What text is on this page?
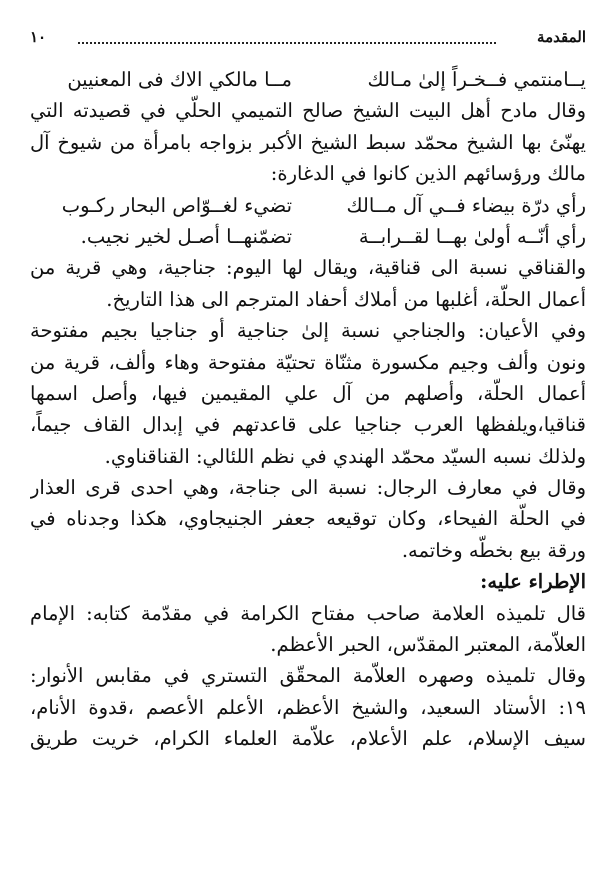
المقدمة
١٠
يــامنتمي فــخـراً إلىٰ مـالك
مــا مالكي الاك فى المعنيين
وقال مادح أهل البيت الشيخ صالح التميمي الحلّي في قصيدته التي
يهنّئ بها الشيخ محمّد سبط الشيخ الأكبر بزواجه بامرأة من شيوخ آل
مالك ورؤسائهم الذين كانوا في الدغارة:
رأي درّة بيضاء فــي آل مــالك
تضيء لغــوّاص البحار ركـوب
رأي أنّــه أولىٰ بهــا لقــرابــة
تضمّنهــا أصـل لخير نجيب.
والقناقي نسبة الى قناقية، ويقال لها اليوم: جناجية، وهي قرية من
أعمال الحلّة، أغلبها من أملاك أحفاد المترجم الى هذا التاريخ.
وفي الأعيان: والجناجي نسبة إلىٰ جناجية أو جناجيا بجيم مفتوحة
ونون وألف وجيم مكسورة مثنّاة تحتيّة مفتوحة وهاء وألف، قرية من
أعمال الحلّة، وأصلهم من آل علي المقيمين فيها، وأصل اسمها
قناقيا،ويلفظها العرب جناجيا على قاعدتهم في إبدال القاف جيماً،
ولذلك نسبه السيّد محمّد الهندي في نظم اللئالي: القناقناوي.
وقال في معارف الرجال: نسبة الى جناجة، وهي احدى قرى العذار
في الحلّة الفيحاء، وكان توقيعه جعفر الجنيجاوي، هكذا وجدناه في
ورقة بيع بخطّه وخاتمه.
الإطراء عليه:
قال تلميذه العلامة صاحب مفتاح الكرامة في مقدّمة كتابه: الإمام
العلاّمة، المعتبر المقدّس، الحبر الأعظم.
وقال تلميذه وصهره العلاّمة المحقّق التستري في مقابس الأنوار:
١٩: الأستاد السعيد، والشيخ الأعظم، الأعلم الأعصم ،قدوة الأنام،
سيف الإسلام، علم الأعلام، علاّمة العلماء الكرام، خريت طريق
